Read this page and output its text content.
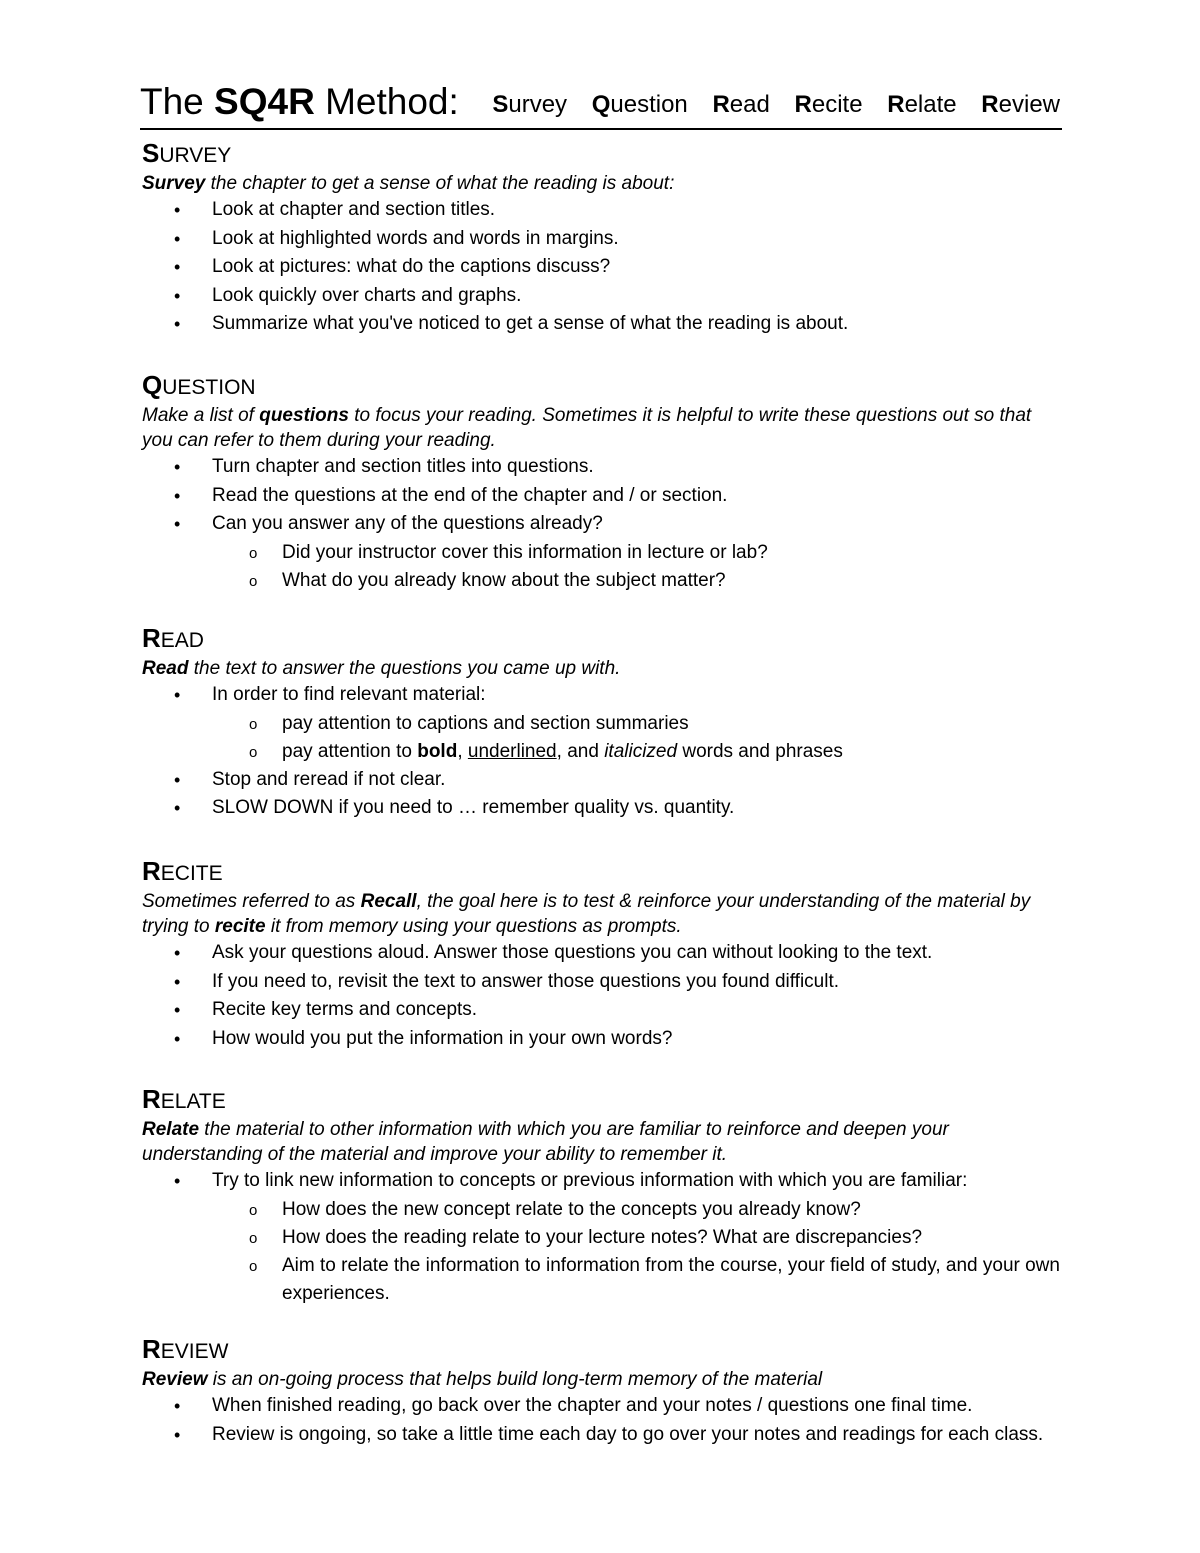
The SQ4R Method:	Survey Question Read Recite Relate Review
SURVEY

Survey the chapter to get a sense of what the reading is about:

• Look at chapter and section titles.
• Look at highlighted words and words in margins.
• Look at pictures: what do the captions discuss?
• Look quickly over charts and graphs.
• Summarize what you've noticed to get a sense of what the reading is about.
QUESTION

Make a list of questions to focus your reading. Sometimes it is helpful to write these questions out so that you can refer to them during your reading.

• Turn chapter and section titles into questions.
• Read the questions at the end of the chapter and / or section.
• Can you answer any of the questions already?
o Did your instructor cover this information in lecture or lab?
o What do you already know about the subject matter?
READ

Read the text to answer the questions you came up with.

• In order to find relevant material:
o pay attention to captions and section summaries
o pay attention to bold, underlined, and italicized words and phrases
• Stop and reread if not clear.
• SLOW DOWN if you need to … remember quality vs. quantity.
RECITE

Sometimes referred to as Recall, the goal here is to test & reinforce your understanding of the material by trying to recite it from memory using your questions as prompts.

• Ask your questions aloud. Answer those questions you can without looking to the text.
• If you need to, revisit the text to answer those questions you found difficult.
• Recite key terms and concepts.
• How would you put the information in your own words?
RELATE

Relate the material to other information with which you are familiar to reinforce and deepen your understanding of the material and improve your ability to remember it.

• Try to link new information to concepts or previous information with which you are familiar:
o How does the new concept relate to the concepts you already know?
o How does the reading relate to your lecture notes? What are discrepancies?
o Aim to relate the information to information from the course, your field of study, and your own experiences.
REVIEW

Review is an on-going process that helps build long-term memory of the material

• When finished reading, go back over the chapter and your notes / questions one final time.
• Review is ongoing, so take a little time each day to go over your notes and readings for each class.
